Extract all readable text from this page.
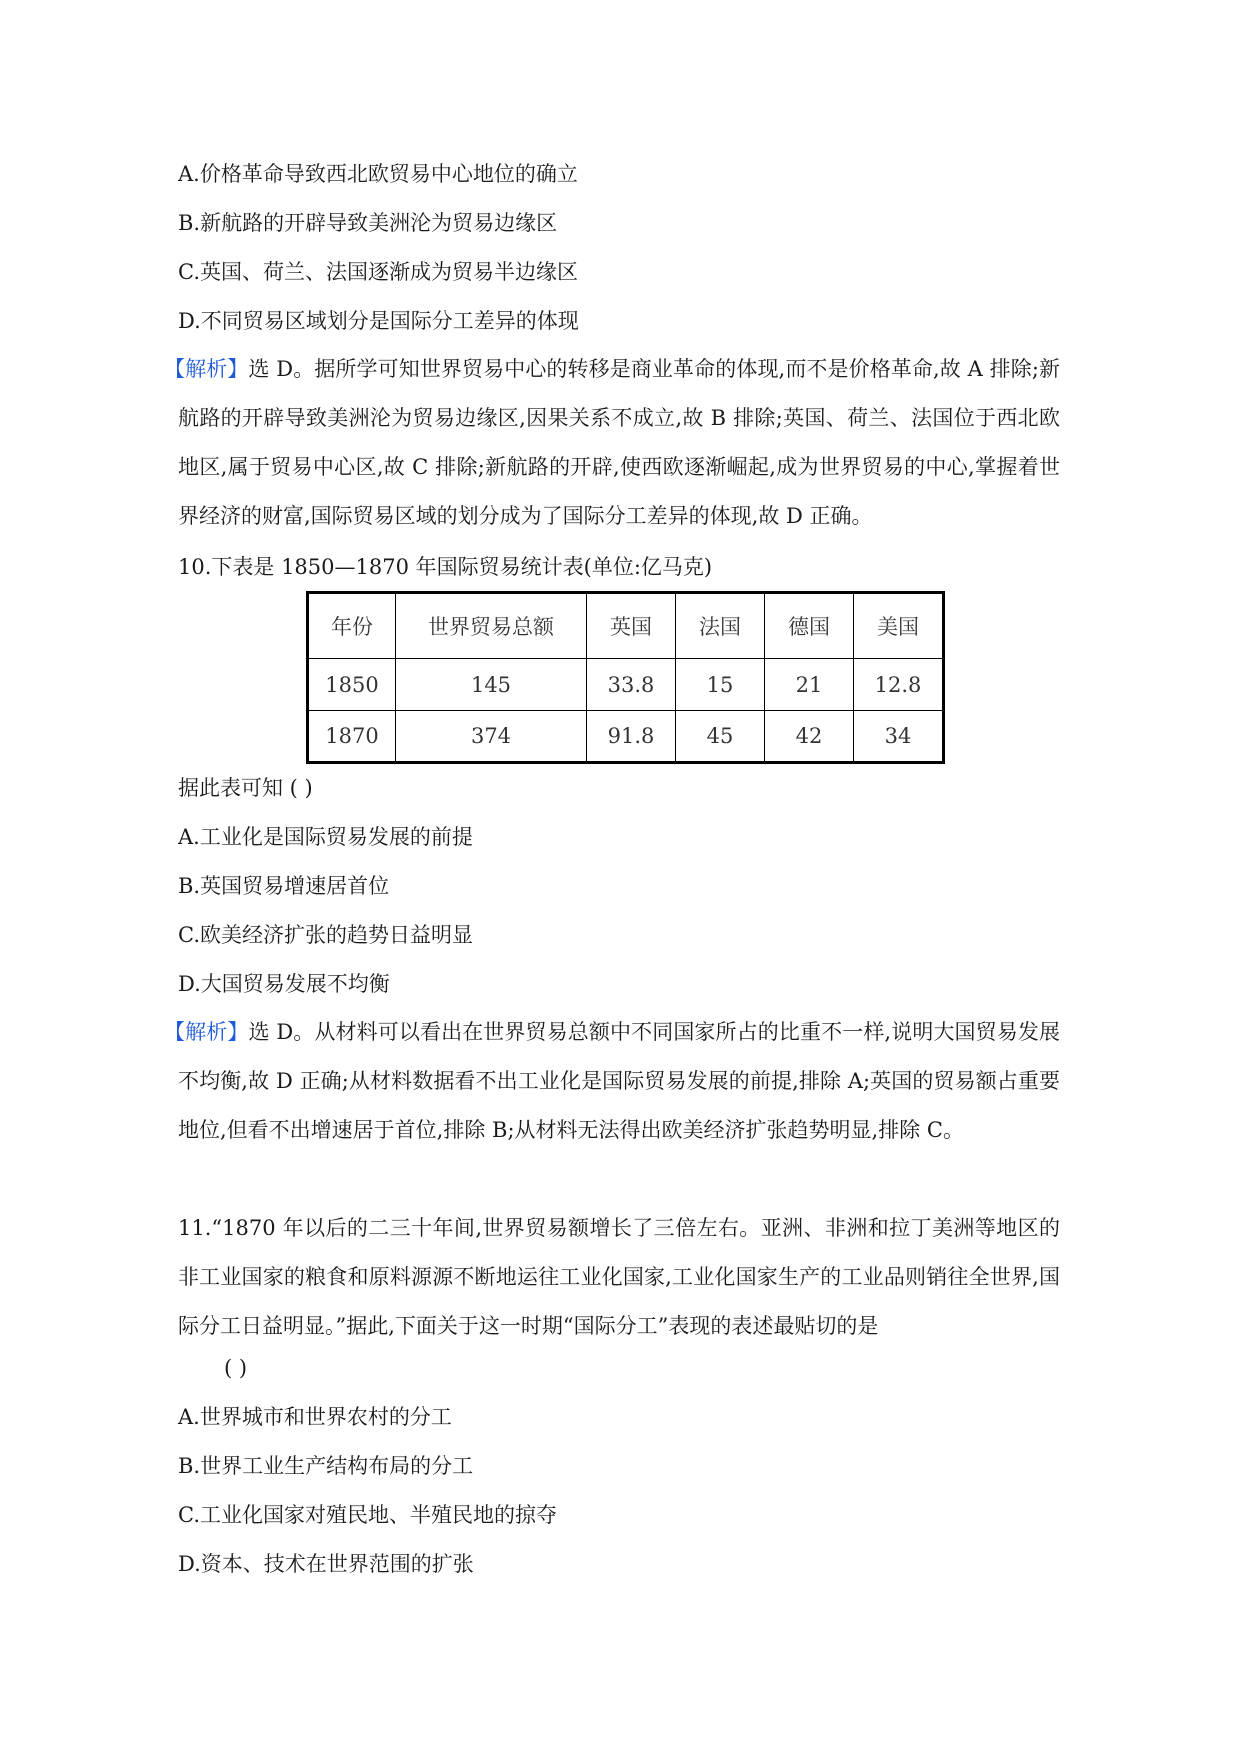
A.价格革命导致西北欧贸易中心地位的确立
B.新航路的开辟导致美洲沦为贸易边缘区
C.英国、荷兰、法国逐渐成为贸易半边缘区
D.不同贸易区域划分是国际分工差异的体现
【解析】选 D。据所学可知世界贸易中心的转移是商业革命的体现,而不是价格革命,故 A 排除;新航路的开辟导致美洲沦为贸易边缘区,因果关系不成立,故 B 排除;英国、荷兰、法国位于西北欧地区,属于贸易中心区,故 C 排除;新航路的开辟,使西欧逐渐崛起,成为世界贸易的中心,掌握着世界经济的财富,国际贸易区域的划分成为了国际分工差异的体现,故 D 正确。
10.下表是 1850—1870 年国际贸易统计表(单位:亿马克)
年份	世界贸易总额	英国	法国	德国	美国
1850	145	33.8	15	21	12.8
1870	374	91.8	45	42	34
据此表可知 ( )
A.工业化是国际贸易发展的前提
B.英国贸易增速居首位
C.欧美经济扩张的趋势日益明显
D.大国贸易发展不均衡
【解析】选 D。从材料可以看出在世界贸易总额中不同国家所占的比重不一样,说明大国贸易发展不均衡,故 D 正确;从材料数据看不出工业化是国际贸易发展的前提,排除 A;英国的贸易额占重要地位,但看不出增速居于首位,排除 B;从材料无法得出欧美经济扩张趋势明显,排除 C。
11.“1870 年以后的二三十年间,世界贸易额增长了三倍左右。亚洲、非洲和拉丁美洲等地区的非工业国家的粮食和原料源源不断地运往工业化国家,工业化国家生产的工业品则销往全世界,国际分工日益明显。”据此,下面关于这一时期“国际分工”表现的表述最贴切的是
( )
A.世界城市和世界农村的分工
B.世界工业生产结构布局的分工
C.工业化国家对殖民地、半殖民地的掠夺
D.资本、技术在世界范围的扩张
